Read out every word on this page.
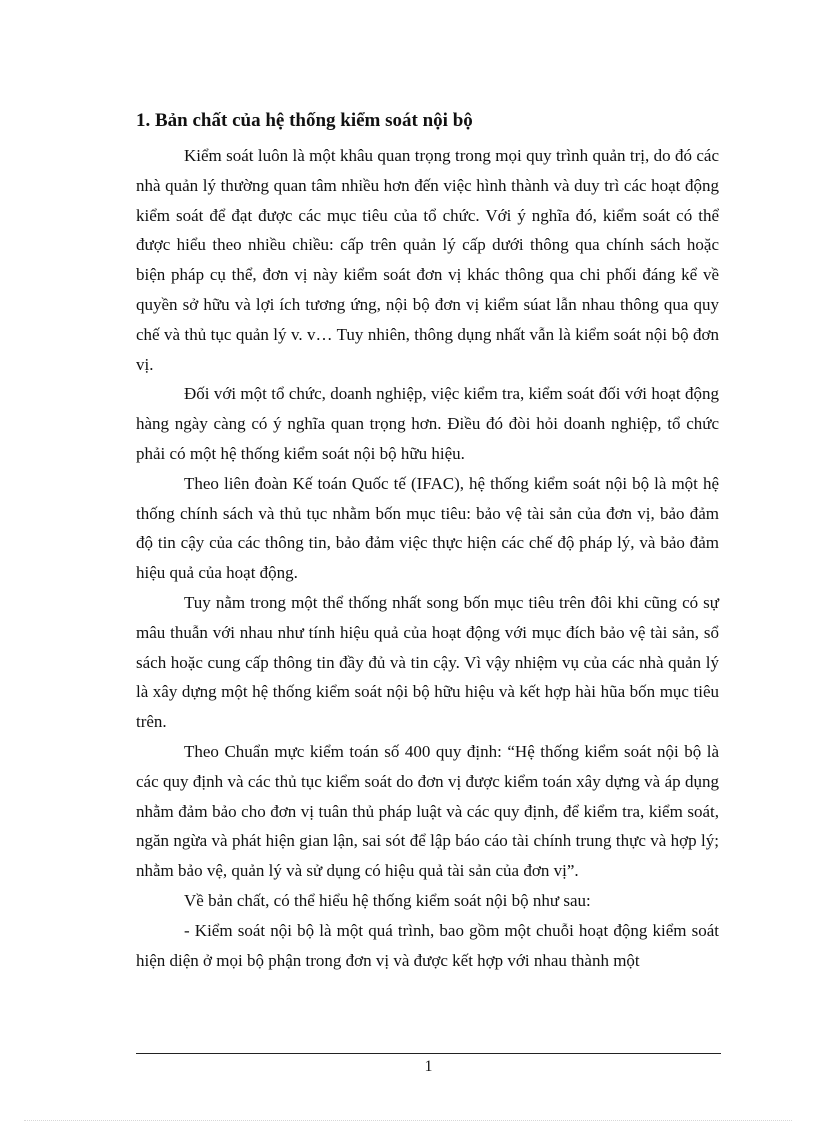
1. Bản chất của hệ thống kiểm soát nội bộ

Kiểm soát luôn là một khâu quan trọng trong mọi quy trình quản trị, do đó các nhà quản lý thường quan tâm nhiều hơn đến việc hình thành và duy trì các hoạt động kiểm soát để đạt được các mục tiêu của tổ chức. Với ý nghĩa đó, kiểm soát có thể được hiểu theo nhiều chiều: cấp trên quản lý cấp dưới thông qua chính sách hoặc biện pháp cụ thể, đơn vị này kiểm soát đơn vị khác thông qua chi phối đáng kể về quyền sở hữu và lợi ích tương ứng, nội bộ đơn vị kiểm súat lẫn nhau thông qua quy chế và thủ tục quản lý v. v… Tuy nhiên, thông dụng nhất vẫn là kiểm soát nội bộ đơn vị.

Đối với một tổ chức, doanh nghiệp, việc kiểm tra, kiểm soát đối với hoạt động hàng ngày càng có ý nghĩa quan trọng hơn. Điều đó đòi hỏi doanh nghiệp, tổ chức phải có một hệ thống kiểm soát nội bộ hữu hiệu.

Theo liên đoàn Kế toán Quốc tế (IFAC), hệ thống kiểm soát nội bộ là một hệ thống chính sách và thủ tục nhằm bốn mục tiêu: bảo vệ tài sản của đơn vị, bảo đảm độ tin cậy của các thông tin, bảo đảm việc thực hiện các chế độ pháp lý, và bảo đảm hiệu quả của hoạt động.

Tuy nằm trong một thể thống nhất song bốn mục tiêu trên đôi khi cũng có sự mâu thuẫn với nhau như tính hiệu quả của hoạt động với mục đích bảo vệ tài sản, sổ sách hoặc cung cấp thông tin đầy đủ và tin cậy. Vì vậy nhiệm vụ của các nhà quản lý là xây dựng một hệ thống kiểm soát nội bộ hữu hiệu và kết hợp hài hũa bốn mục tiêu trên.

Theo Chuẩn mực kiểm toán số 400 quy định: “Hệ thống kiểm soát nội bộ là các quy định và các thủ tục kiểm soát do đơn vị được kiểm toán xây dựng và áp dụng nhằm đảm bảo cho đơn vị tuân thủ pháp luật và các quy định, để kiểm tra, kiểm soát, ngăn ngừa và phát hiện gian lận, sai sót để lập báo cáo tài chính trung thực và hợp lý; nhằm bảo vệ, quản lý và sử dụng có hiệu quả tài sản của đơn vị”.

Về bản chất, có thể hiểu hệ thống kiểm soát nội bộ như sau:

- Kiểm soát nội bộ là một quá trình, bao gồm một chuỗi hoạt động kiểm soát hiện diện ở mọi bộ phận trong đơn vị và được kết hợp với nhau thành một

1
